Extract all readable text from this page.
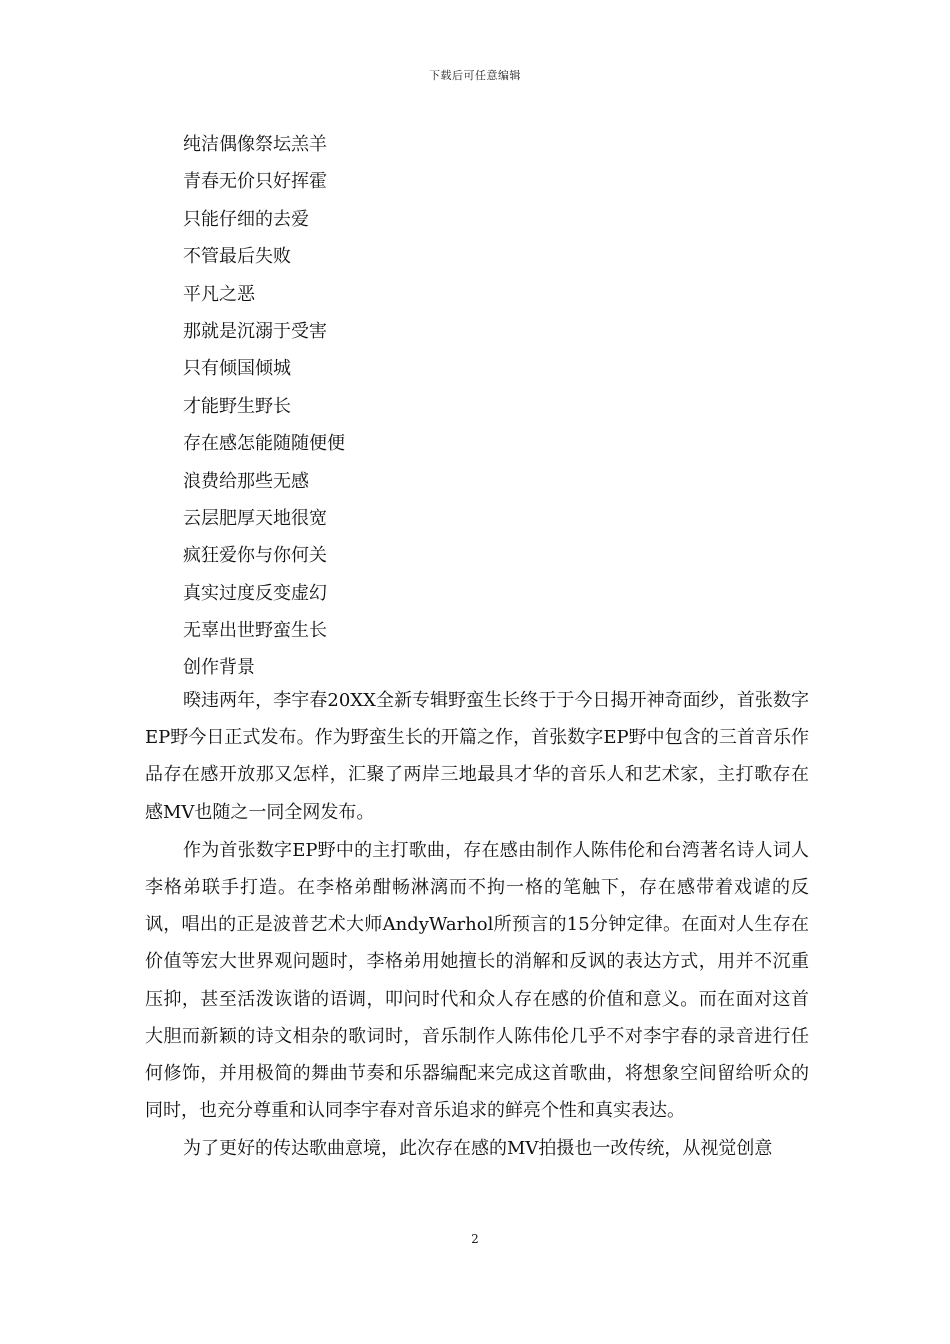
下载后可任意编辑
纯洁偶像祭坛羔羊
青春无价只好挥霍
只能仔细的去爱
不管最后失败
平凡之恶
那就是沉溺于受害
只有倾国倾城
才能野生野长
存在感怎能随随便便
浪费给那些无感
云层肥厚天地很宽
疯狂爱你与你何关
真实过度反变虚幻
无辜出世野蛮生长
创作背景

暌违两年，李宇春20XX全新专辑野蛮生长终于于今日揭开神奇面纱，首张数字EP野今日正式发布。作为野蛮生长的开篇之作，首张数字EP野中包含的三首音乐作品存在感开放那又怎样，汇聚了两岸三地最具才华的音乐人和艺术家，主打歌存在感MV也随之一同全网发布。

作为首张数字EP野中的主打歌曲，存在感由制作人陈伟伦和台湾著名诗人词人李格弟联手打造。在李格弟酣畅淋漓而不拘一格的笔触下，存在感带着戏谑的反讽，唱出的正是波普艺术大师AndyWarhol所预言的15分钟定律。在面对人生存在价值等宏大世界观问题时，李格弟用她擅长的消解和反讽的表达方式，用并不沉重压抑，甚至活泼诙谐的语调，叩问时代和众人存在感的价值和意义。而在面对这首大胆而新颖的诗文相杂的歌词时，音乐制作人陈伟伦几乎不对李宇春的录音进行任何修饰，并用极简的舞曲节奏和乐器编配来完成这首歌曲，将想象空间留给听众的同时，也充分尊重和认同李宇春对音乐追求的鲜亮个性和真实表达。

为了更好的传达歌曲意境，此次存在感的MV拍摄也一改传统，从视觉创意

2
